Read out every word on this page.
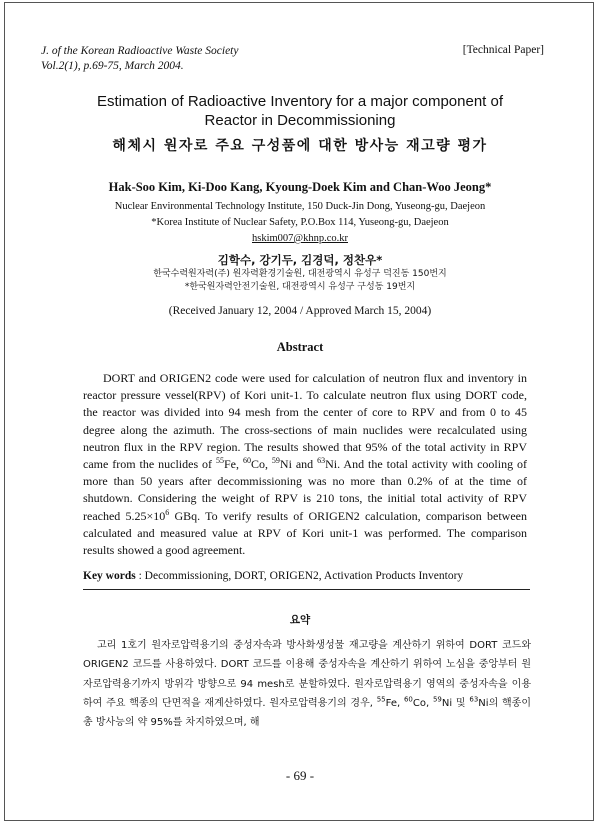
J. of the Korean Radioactive Waste Society
Vol.2(1), p.69-75, March 2004.
[Technical Paper]
Estimation of Radioactive Inventory for a major component of
Reactor in Decommissioning
해체시 원자로 주요 구성품에 대한 방사능 재고량 평가
Hak-Soo Kim, Ki-Doo Kang, Kyoung-Doek Kim and Chan-Woo Jeong*
Nuclear Environmental Technology Institute, 150 Duck-Jin Dong, Yuseong-gu, Daejeon
*Korea Institute of Nuclear Safety, P.O.Box 114, Yuseong-gu, Daejeon
hskim007@khnp.co.kr
김학수, 강기두, 김경덕, 정찬우*
한국수력원자력(주) 원자력환경기술원, 대전광역시 유성구 덕진동 150번지
*한국원자력안전기술원, 대전광역시 유성구 구성동 19번지
(Received January 12, 2004 / Approved March 15, 2004)
Abstract
DORT and ORIGEN2 code were used for calculation of neutron flux and inventory in reactor pressure vessel(RPV) of Kori unit-1. To calculate neutron flux using DORT code, the reactor was divided into 94 mesh from the center of core to RPV and from 0 to 45 degree along the azimuth. The cross-sections of main nuclides were recalculated using neutron flux in the RPV region. The results showed that 95% of the total activity in RPV came from the nuclides of $^{55}$Fe, $^{60}$Co, $^{59}$Ni and $^{63}$Ni. And the total activity with cooling of more than 50 years after decommissioning was no more than 0.2% of at the time of shutdown. Considering the weight of RPV is 210 tons, the initial total activity of RPV reached $5.25\times 10^6$ GBq. To verify results of ORIGEN2 calculation, comparison between calculated and measured value at RPV of Kori unit-1 was performed. The comparison results showed a good agreement.
Key words : Decommissioning, DORT, ORIGEN2, Activation Products Inventory
요약
고리 1호기 원자로압력용기의 중성자속과 방사화생성물 재고량을 계산하기 위하여 DORT 코드와 ORIGEN2 코드를 사용하였다. DORT 코드를 이용해 중성자속을 계산하기 위하여 노심을 중앙부터 원자로압력용기까지 방위각 방향으로 94 mesh로 분할하였다. 원자로압력용기 영역의 중성자속을 이용하여 주요 핵종의 단면적을 재계산하였다. 원자로압력용기의 경우, $^{55}$Fe, $^{60}$Co, $^{59}$Ni 및 $^{63}$Ni의 핵종이 총 방사능의 약 95%를 차지하였으며, 해
- 69 -
